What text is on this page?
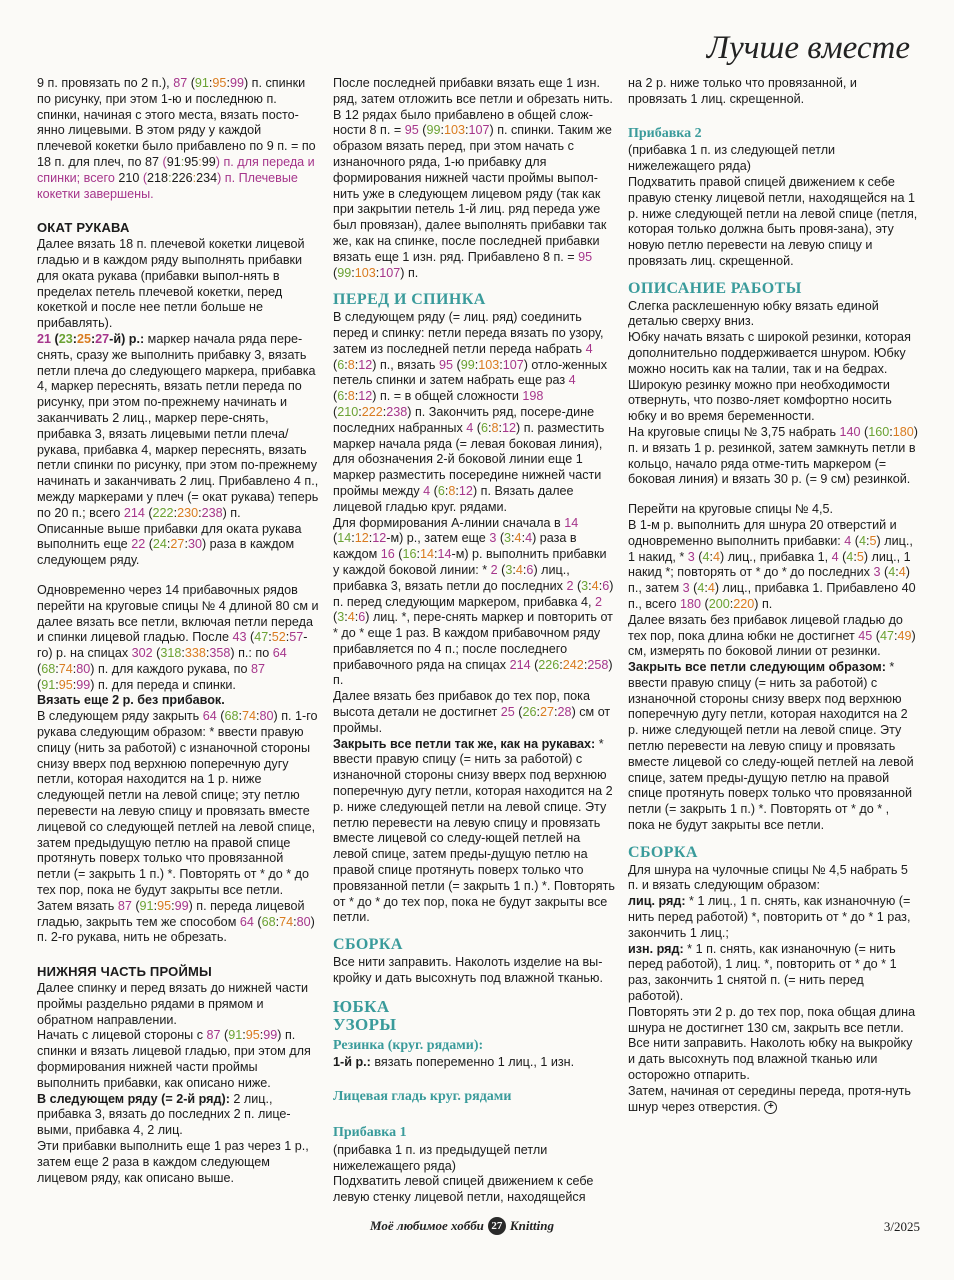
Лучше вместе

9 п. провязать по 2 п.), 87 (91:95:99) п. спинки по рисунку, при этом 1-ю и последнюю п. спинки, начиная с этого места, вязать посто-янно лицевыми. В этом ряду у каждой плечевой кокетки было прибавлено по 9 п. = по 18 п. для плеч, по 87 (91:95:99) п. для переда и спинки; всего 210 (218:226:234) п. Плечевые кокетки завершены.

ОКАТ РУКАВА

Далее вязать 18 п. плечевой кокетки лицевой гладью и в каждом ряду выполнять прибавки для оката рукава (прибавки выпол-нять в пределах петель плечевой кокетки, перед кокеткой и после нее петли больше не прибавлять).

21 (23:25:27-й) р.: маркер начала ряда пере-снять, сразу же выполнить прибавку 3, вязать петли плеча до следующего маркера, прибавка 4, маркер переснять, вязать петли переда по рисунку, при этом по-прежнему начинать и заканчивать 2 лиц., маркер пере-снять, прибавка 3, вязать лицевыми петли плеча/рукава, прибавка 4, маркер переснять, вязать петли спинки по рисунку, при этом по-прежнему начинать и заканчивать 2 лиц. Прибавлено 4 п., между маркерами у плеч (= окат рукава) теперь по 20 п.; всего 214 (222:230:238) п.

Описанные выше прибавки для оката рукава выполнить еще 22 (24:27:30) раза в каждом следующем ряду.

Одновременно через 14 прибавочных рядов перейти на круговые спицы № 4 длиной 80 см и далее вязать все петли, включая петли переда и спинки лицевой гладью. После 43 (47:52:57-го) р. на спицах 302 (318:338:358) п.: по 64 (68:74:80) п. для каждого рукава, по 87 (91:95:99) п. для переда и спинки.

Вязать еще 2 р. без прибавок.
В следующем ряду закрыть 64 (68:74:80) п. 1-го рукава следующим образом: * ввести правую спицу (нить за работой) с изнаночной стороны снизу вверх под верхнюю поперечную дугу петли, которая находится на 1 р. ниже следующей петли на левой спице; эту петлю перевести на левую спицу и провязать вместе лицевой со следующей петлей на левой спице, затем предыдущую петлю на правой спице протянуть поверх только что провязанной петли (= закрыть 1 п.) *. Повторять от * до * до тех пор, пока не будут закрыты все петли. Затем вязать 87 (91:95:99) п. переда лицевой гладью, закрыть тем же способом 64 (68:74:80) п. 2-го рукава, нить не обрезать.

НИЖНЯЯ ЧАСТЬ ПРОЙМЫ

Далее спинку и перед вязать до нижней части проймы раздельно рядами в прямом и обратном направлении.

Начать с лицевой стороны с 87 (91:95:99) п. спинки и вязать лицевой гладью, при этом для формирования нижней части проймы выполнить прибавки, как описано ниже.

В следующем ряду (= 2-й ряд): 2 лиц., прибавка 3, вязать до последних 2 п. лице-выми, прибавка 4, 2 лиц.

Эти прибавки выполнить еще 1 раз через 1 р., затем еще 2 раза в каждом следующем лицевом ряду, как описано выше.

После последней прибавки вязать еще 1 изн. ряд, затем отложить все петли и обрезать нить.

В 12 рядах было прибавлено в общей слож-ности 8 п. = 95 (99:103:107) п. спинки. Таким же образом вязать перед, при этом начать с изнаночного ряда, 1-ю прибавку для формирования нижней части проймы выпол-нить уже в следующем лицевом ряду (так как при закрытии петель 1-й лиц. ряд переда уже был провязан), далее выполнять прибавки так же, как на спинке, после последней прибавки вязать еще 1 изн. ряд. Прибавлено 8 п. = 95 (99:103:107) п.

ПЕРЕД И СПИНКА

В следующем ряду (= лиц. ряд) соединить перед и спинку: петли переда вязать по узору, затем из последней петли переда набрать 4 (6:8:12) п., вязать 95 (99:103:107) отло-женных петель спинки и затем набрать еще раз 4 (6:8:12) п. = в общей сложности 198 (210:222:238) п. Закончить ряд, посере-дине последних набранных 4 (6:8:12) п. разместить маркер начала ряда (= левая боковая линия), для обозначения 2-й боковой линии еще 1 маркер разместить посередине нижней части проймы между 4 (6:8:12) п. Вязать далее лицевой гладью круг. рядами.

Для формирования А-линии сначала в 14 (14:12:12-м) р., затем еще 3 (3:4:4) раза в каждом 16 (16:14:14-м) р. выполнить прибавки у каждой боковой линии: * 2 (3:4:6) лиц., прибавка 3, вязать петли до последних 2 (3:4:6) п. перед следующим маркером, прибавка 4, 2 (3:4:6) лиц. *, пере-снять маркер и повторить от * до * еще 1 раз. В каждом прибавочном ряду прибавляется по 4 п.; после последнего прибавочного ряда на спицах 214 (226:242:258) п.

Далее вязать без прибавок до тех пор, пока высота детали не достигнет 25 (26:27:28) см от проймы.

Закрыть все петли так же, как на рукавах: * ввести правую спицу (= нить за работой) с изнаночной стороны снизу вверх под верхнюю поперечную дугу петли, которая находится на 2 р. ниже следующей петли на левой спице. Эту петлю перевести на левую спицу и провязать вместе лицевой со следу-ющей петлей на левой спице, затем преды-дущую петлю на правой спице протянуть поверх только что провязанной петли (= закрыть 1 п.) *. Повторять от * до * до тех пор, пока не будут закрыты все петли.

СБОРКА

Все нити заправить. Наколоть изделие на вы-кройку и дать высохнуть под влажной тканью.

ЮБКА
УЗОРЫ
Резинка (круг. рядами):

1-й р.: вязать попеременно 1 лиц., 1 изн.

Лицевая гладь круг. рядами
Прибавка 1

(прибавка 1 п. из предыдущей петли нижележащего ряда)

Подхватить левой спицей движением к себе левую стенку лицевой петли, находящейся

на 2 р. ниже только что провязанной, и провязать 1 лиц. скрещенной.

Прибавка 2

(прибавка 1 п. из следующей петли нижележащего ряда)

Подхватить правой спицей движением к себе правую стенку лицевой петли, находящейся на 1 р. ниже следующей петли на левой спице (петля, которая только должна быть провя-зана), эту новую петлю перевести на левую спицу и провязать лиц. скрещенной.

ОПИСАНИЕ РАБОТЫ

Слегка расклешенную юбку вязать единой деталью сверху вниз.

Юбку начать вязать с широкой резинки, которая дополнительно поддерживается шнуром. Юбку можно носить как на талии, так и на бедрах. Широкую резинку можно при необходимости отвернуть, что позво-ляет комфортно носить юбку и во время беременности.

На круговые спицы № 3,75 набрать 140 (160:180) п. и вязать 1 р. резинкой, затем замкнуть петли в кольцо, начало ряда отме-тить маркером (= боковая линия) и вязать 30 р. (= 9 см) резинкой.

Перейти на круговые спицы № 4,5.

В 1-м р. выполнить для шнура 20 отверстий и одновременно выполнить прибавки: 4 (4:5) лиц., 1 накид, * 3 (4:4) лиц., прибавка 1, 4 (4:5) лиц., 1 накид *; повторять от * до * до последних 3 (4:4) п., затем 3 (4:4) лиц., прибавка 1. Прибавлено 40 п., всего 180 (200:220) п.

Далее вязать без прибавок лицевой гладью до тех пор, пока длина юбки не достигнет 45 (47:49) см, измерять по боковой линии от резинки.

Закрыть все петли следующим образом: * ввести правую спицу (= нить за работой) с изнаночной стороны снизу вверх под верхнюю поперечную дугу петли, которая находится на 2 р. ниже следующей петли на левой спице. Эту петлю перевести на левую спицу и провязать вместе лицевой со следу-ющей петлей на левой спице, затем преды-дущую петлю на правой спице протянуть поверх только что провязанной петли (= закрыть 1 п.) *. Повторять от * до * , пока не будут закрыты все петли.

СБОРКА

Для шнура на чулочные спицы № 4,5 набрать 5 п. и вязать следующим образом:

лиц. ряд: * 1 лиц., 1 п. снять, как изнаночную (= нить перед работой) *, повторить от * до * 1 раз, закончить 1 лиц.;

изн. ряд: * 1 п. снять, как изнаночную (= нить перед работой), 1 лиц. *, повторить от * до * 1 раз, закончить 1 снятой п. (= нить перед работой).

Повторять эти 2 р. до тех пор, пока общая длина шнура не достигнет 130 см, закрыть все петли.

Все нити заправить. Наколоть юбку на выкройку и дать высохнуть под влажной тканью или осторожно отпарить.

Затем, начиная от середины переда, протя-нуть шнур через отверстия. +

Моё любимое хобби 27 Knitting	3/2025
